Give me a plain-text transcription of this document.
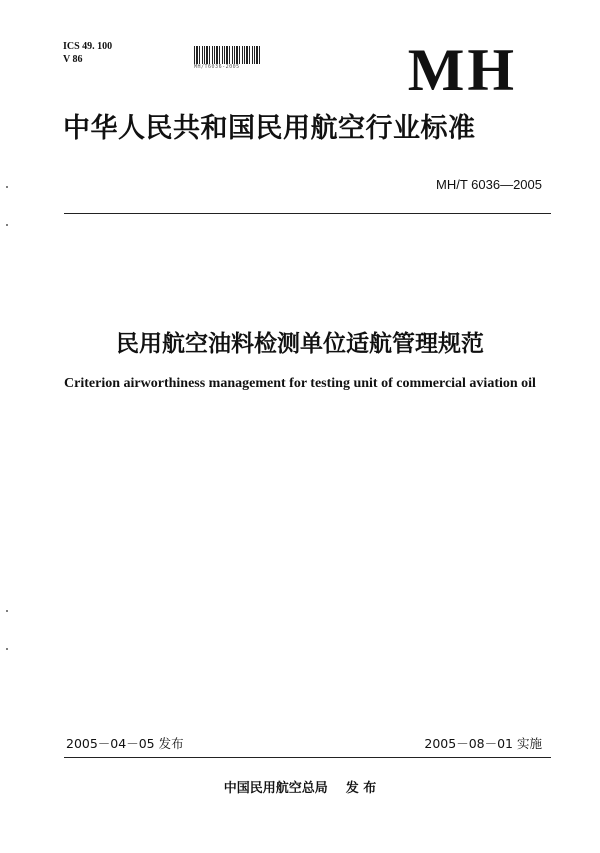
ICS 49. 100
V 86
MH/T6036-2005	MH
中华人民共和国民用航空行业标准
MH/T 6036—2005
民用航空油料检测单位适航管理规范
Criterion airworthiness management for testing unit of commercial aviation oil
2005－04－05 发布	2005－08－01 实施
中国民用航空总局 发 布
